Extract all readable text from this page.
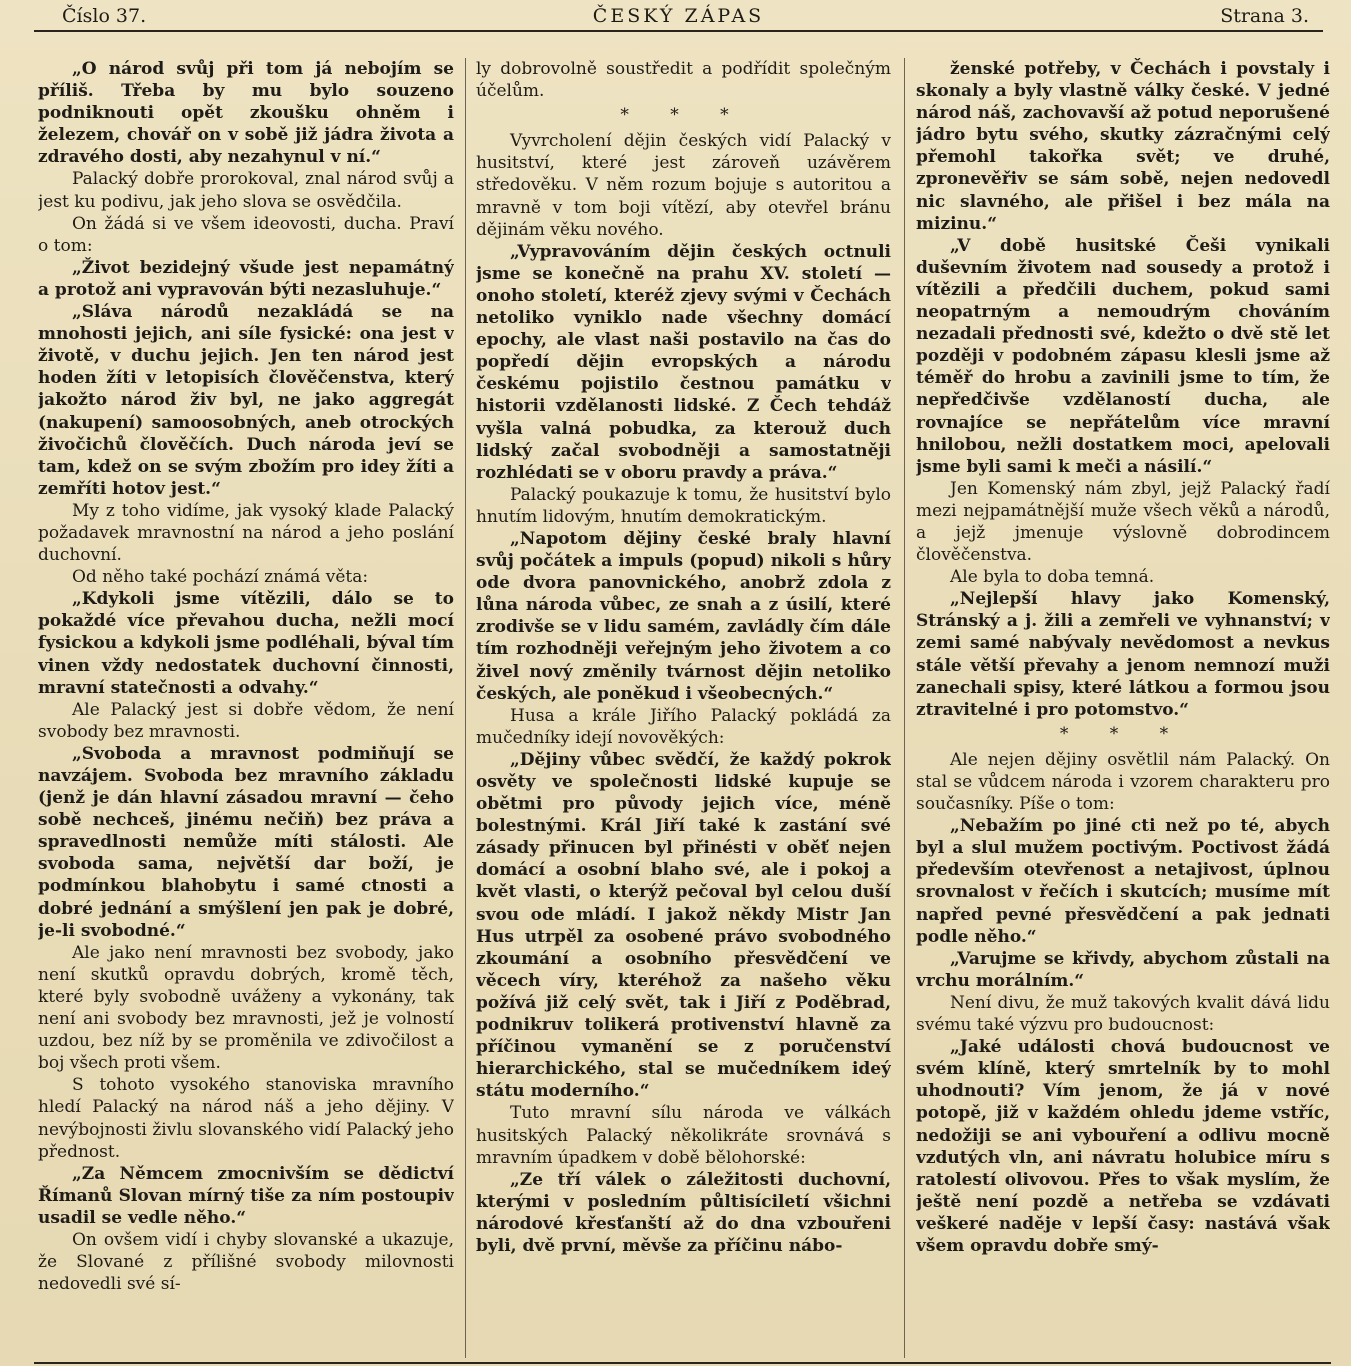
Číslo 37.	ČESKÝ ZÁPAS	Strana 3.

„O národ svůj při tom já nebojím se příliš. Třeba by mu bylo souzeno podniknouti opět zkoušku ohněm i železem, chovář on v sobě již jádra života a zdravého dosti, aby nezahynul v ní.“

Palacký dobře prorokoval, znal národ svůj a jest ku podivu, jak jeho slova se osvědčila.

On žádá si ve všem ideovosti, ducha. Praví o tom:

„Život bezidejný všude jest nepamátný a protož ani vypravován býti nezasluhuje.“

„Sláva národů nezakládá se na mnohosti jejich, ani síle fysické: ona jest v životě, v duchu jejich. Jen ten národ jest hoden žíti v letopisích člověčenstva, který jakožto národ živ byl, ne jako aggregát (nakupení) samoosobných, aneb otrockých živočichů člověčích. Duch národa jeví se tam, kdež on se svým zbožím pro idey žíti a zemříti hotov jest.“

My z toho vidíme, jak vysoký klade Palacký požadavek mravnostní na národ a jeho poslání duchovní.

Od něho také pochází známá věta:

„Kdykoli jsme vítězili, dálo se to pokaždé více převahou ducha, nežli mocí fysickou a kdykoli jsme podléhali, býval tím vinen vždy nedostatek duchovní činnosti, mravní statečnosti a odvahy.“

Ale Palacký jest si dobře vědom, že není svobody bez mravnosti.

„Svoboda a mravnost podmiňují se navzájem. Svoboda bez mravního základu (jenž je dán hlavní zásadou mravní — čeho sobě nechceš, jinému nečiň) bez práva a spravedlnosti nemůže míti stálosti. Ale svoboda sama, největší dar boží, je podmínkou blahobytu i samé ctnosti a dobré jednání a smýšlení jen pak je dobré, je-li svobodné.“

Ale jako není mravnosti bez svobody, jako není skutků opravdu dobrých, kromě těch, které byly svobodně uváženy a vykonány, tak není ani svobody bez mravnosti, jež je volností uzdou, bez níž by se proměnila ve zdivočilost a boj všech proti všem.

S tohoto vysokého stanoviska mravního hledí Palacký na národ náš a jeho dějiny. V nevýbojnosti živlu slovanského vidí Palacký jeho přednost.

„Za Němcem zmocnivším se dědictví Římanů Slovan mírný tiše za ním postoupiv usadil se vedle něho.“

On ovšem vidí i chyby slovanské a ukazuje, že Slované z přílišné svobody milovnosti nedovedli své sí-

ly dobrovolně soustředit a podřídit společným účelům.

* * *

Vyvrcholení dějin českých vidí Palacký v husitství, které jest zároveň uzávěrem středověku. V něm rozum bojuje s autoritou a mravně v tom boji vítězí, aby otevřel bránu dějinám věku nového.

„Vypravováním dějin českých octnuli jsme se konečně na prahu XV. století — onoho století, kteréž zjevy svými v Čechách netoliko vyniklo nade všechny domácí epochy, ale vlast naši postavilo na čas do popředí dějin evropských a národu českému pojistilo čestnou památku v historii vzdělanosti lidské. Z Čech tehdáž vyšla valná pobudka, za kterouž duch lidský začal svobodněji a samostatněji rozhlédati se v oboru pravdy a práva.“

Palacký poukazuje k tomu, že husitství bylo hnutím lidovým, hnutím demokratickým.

„Napotom dějiny české braly hlavní svůj počátek a impuls (popud) nikoli s hůry ode dvora panovnického, anobrž zdola z lůna národa vůbec, ze snah a z úsilí, které zrodivše se v lidu samém, zavládly čím dále tím rozhodněji veřejným jeho životem a co živel nový změnily tvárnost dějin netoliko českých, ale poněkud i všeobecných.“

Husa a krále Jiřího Palacký pokládá za mučedníky idejí novověkých:

„Dějiny vůbec svědčí, že každý pokrok osvěty ve společnosti lidské kupuje se obětmi pro původy jejich více, méně bolestnými. Král Jiří také k zastání své zásady přinucen byl přinésti v oběť nejen domácí a osobní blaho své, ale i pokoj a květ vlasti, o kterýž pečoval byl celou duší svou ode mládí. I jakož někdy Mistr Jan Hus utrpěl za osobené právo svobodného zkoumání a osobního přesvědčení ve věcech víry, kteréhož za našeho věku požívá již celý svět, tak i Jiří z Poděbrad, podnikruv tolikerá protivenství hlavně za příčinou vymanění se z poručenství hierarchického, stal se mučedníkem ideý státu moderního.“

Tuto mravní sílu národa ve válkách husitských Palacký několikráte srovnává s mravním úpadkem v době bělohorské:

„Ze tří válek o záležitosti duchovní, kterými v posledním půltisíciletí všichni národové křesťanští až do dna vzbouřeni byli, dvě první, měvše za příčinu nábo-

ženské potřeby, v Čechách i povstaly i skonaly a byly vlastně války české. V jedné národ náš, zachovavší až potud neporušené jádro bytu svého, skutky zázračnými celý přemohl takořka svět; ve druhé, zpronevěřiv se sám sobě, nejen nedovedl nic slavného, ale přišel i bez mála na mizinu.“

„V době husitské Češi vynikali duševním životem nad sousedy a protož i vítězili a předčili duchem, pokud sami neopatrným a nemoudrým chováním nezadali přednosti své, kdežto o dvě stě let později v podobném zápasu klesli jsme až téměř do hrobu a zavinili jsme to tím, že nepředčivše vzdělaností ducha, ale rovnajíce se nepřátelům více mravní hnilobou, nežli dostatkem moci, apelovali jsme byli sami k meči a násilí.“

Jen Komenský nám zbyl, jejž Palacký řadí mezi nejpamátnější muže všech věků a národů, a jejž jmenuje výslovně dobrodincem člověčenstva.

Ale byla to doba temná.

„Nejlepší hlavy jako Komenský, Stránský a j. žili a zemřeli ve vyhnanství; v zemi samé nabývaly nevědomost a nevkus stále větší převahy a jenom nemnozí muži zanechali spisy, které látkou a formou jsou ztravitelné i pro potomstvo.“

* * *

Ale nejen dějiny osvětlil nám Palacký. On stal se vůdcem národa i vzorem charakteru pro současníky. Píše o tom:

„Nebažím po jiné cti než po té, abych byl a slul mužem poctivým. Poctivost žádá především otevřenost a netajivost, úplnou srovnalost v řečích i skutcích; musíme mít napřed pevné přesvědčení a pak jednati podle něho.“

„Varujme se křivdy, abychom zůstali na vrchu morálním.“

Není divu, že muž takových kvalit dává lidu svému také výzvu pro budoucnost:

„Jaké události chová budoucnost ve svém klíně, který smrtelník by to mohl uhodnouti? Vím jenom, že já v nové potopě, již v každém ohledu jdeme vstříc, nedožiji se ani vybouření a odlivu mocně vzdutých vln, ani návratu holubice míru s ratolestí olivovou. Přes to však myslím, že ještě není pozdě a netřeba se vzdávati veškeré naděje v lepší časy: nastává však všem opravdu dobře smý-
